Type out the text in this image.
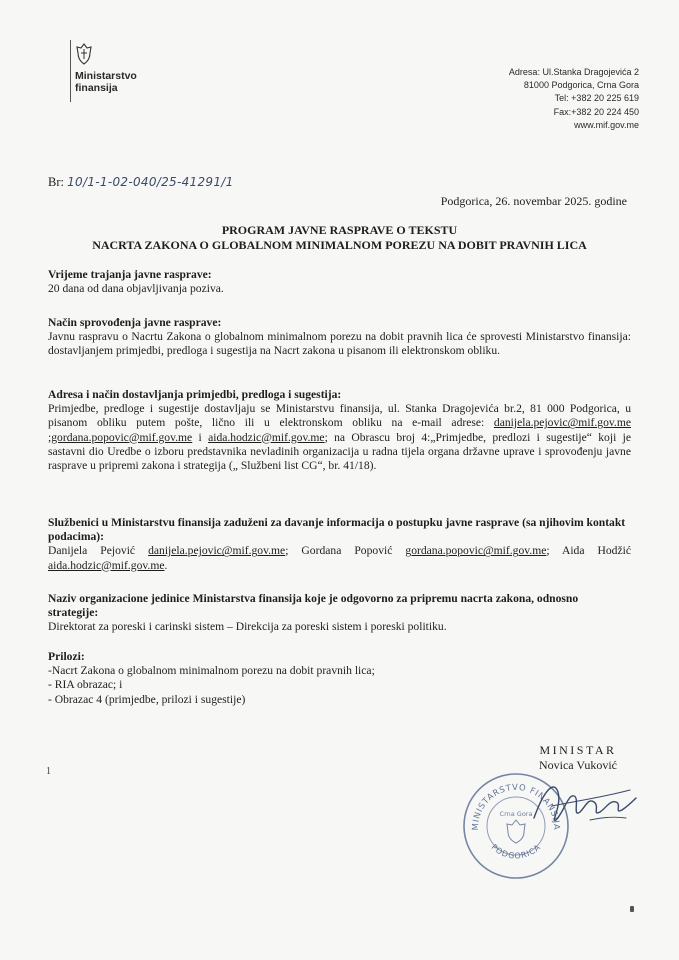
Ministarstvo
finansija
Adresa: Ul.Stanka Dragojevića 2
81000 Podgorica, Crna Gora
Tel: +382 20 225 619
Fax:+382 20 224 450
www.mif.gov.me
Br: 10/1-1-02-040/25-41291/1
Podgorica, 26. novembar 2025. godine
PROGRAM JAVNE RASPRAVE O TEKSTU
NACRTA ZAKONA O GLOBALNOM MINIMALNOM POREZU NA DOBIT PRAVNIH LICA
Vrijeme trajanja javne rasprave:

20 dana od dana objavljivanja poziva.

Način sprovođenja javne rasprave:

Javnu raspravu o Nacrtu Zakona o globalnom minimalnom porezu na dobit pravnih lica će sprovesti Ministarstvo finansija: dostavljanjem primjedbi, predloga i sugestija na Nacrt zakona u pisanom ili elektronskom obliku.

Adresa i način dostavljanja primjedbi, predloga i sugestija:

Primjedbe, predloge i sugestije dostavljaju se Ministarstvu finansija, ul. Stanka Dragojevića br.2, 81 000 Podgorica, u pisanom obliku putem pošte, lično ili u elektronskom obliku na e-mail adrese: danijela.pejovic@mif.gov.me ;gordana.popovic@mif.gov.me i aida.hodzic@mif.gov.me; na Obrascu broj 4:„Primjedbe, predlozi i sugestije“ koji je sastavni dio Uredbe o izboru predstavnika nevladinih organizacija u radna tijela organa državne uprave i sprovođenju javne rasprave u pripremi zakona i strategija („ Službeni list CG“, br. 41/18).

Službenici u Ministarstvu finansija zaduženi za davanje informacija o postupku javne rasprave (sa njihovim kontakt podacima):

Danijela Pejović danijela.pejovic@mif.gov.me; Gordana Popović gordana.popovic@mif.gov.me; Aida Hodžić aida.hodzic@mif.gov.me.

Naziv organizacione jedinice Ministarstva finansija koje je odgovorno za pripremu nacrta zakona, odnosno strategije:

Direktorat za poreski i carinski sistem – Direkcija za poreski sistem i poreski politiku.

Prilozi:
-Nacrt Zakona o globalnom minimalnom porezu na dobit pravnih lica;
- RIA obrazac; i
- Obrazac 4 (primjedbe, prilozi i sugestije)
MINISTAR
Novica Vuković
MINISTARSTVO FINANSIJA
PODGORICA
Crna Gora
1
